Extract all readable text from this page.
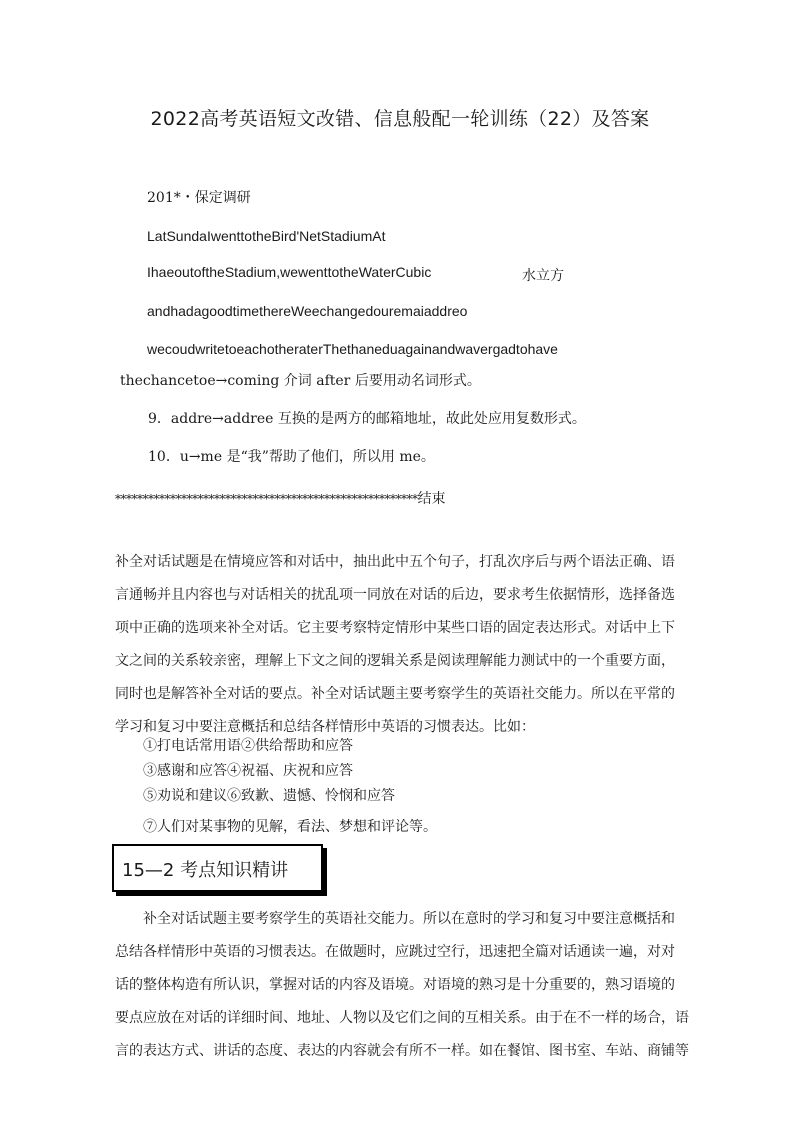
2022高考英语短文改错、信息般配一轮训练（22）及答案
201*・保定调研
LatSundaIwenttotheBird'NetStadiumAt
IhaeoutoftheStadium,wewenttotheWaterCubic	水立方
andhadagoodtimethereWeechangedouremaiaddreo
wecoudwritetoeachotheraterThethaneduagainandwavergadtohave
thechancetoe→coming 介词 after 后要用动名词形式。
9．addre→addree 互换的是两方的邮箱地址，故此处应用复数形式。
10．u→me 是“我”帮助了他们，所以用 me。
*******************************************************结束

补全对话试题是在情境应答和对话中，抽出此中五个句子，打乱次序后与两个语法正确、语

言通畅并且内容也与对话相关的扰乱项一同放在对话的后边，要求考生依据情形，选择备选

项中正确的选项来补全对话。它主要考察特定情形中某些口语的固定表达形式。对话中上下

文之间的关系较亲密，理解上下文之间的逻辑关系是阅读理解能力测试中的一个重要方面，

同时也是解答补全对话的要点。补全对话试题主要考察学生的英语社交能力。所以在平常的

学习和复习中要注意概括和总结各样情形中英语的习惯表达。比如：

①打电话常用语②供给帮助和应答
③感谢和应答④祝福、庆祝和应答
⑤劝说和建议⑥致歉、遗憾、怜悯和应答
⑦人们对某事物的见解，看法、梦想和评论等。
15—2 考点知识精讲

补全对话试题主要考察学生的英语社交能力。所以在意时的学习和复习中要注意概括和

总结各样情形中英语的习惯表达。在做题时，应跳过空行，迅速把全篇对话通读一遍，对对

话的整体构造有所认识，掌握对话的内容及语境。对语境的熟习是十分重要的，熟习语境的

要点应放在对话的详细时间、地址、人物以及它们之间的互相关系。由于在不一样的场合，语

言的表达方式、讲话的态度、表达的内容就会有所不一样。如在餐馆、图书室、车站、商铺等
